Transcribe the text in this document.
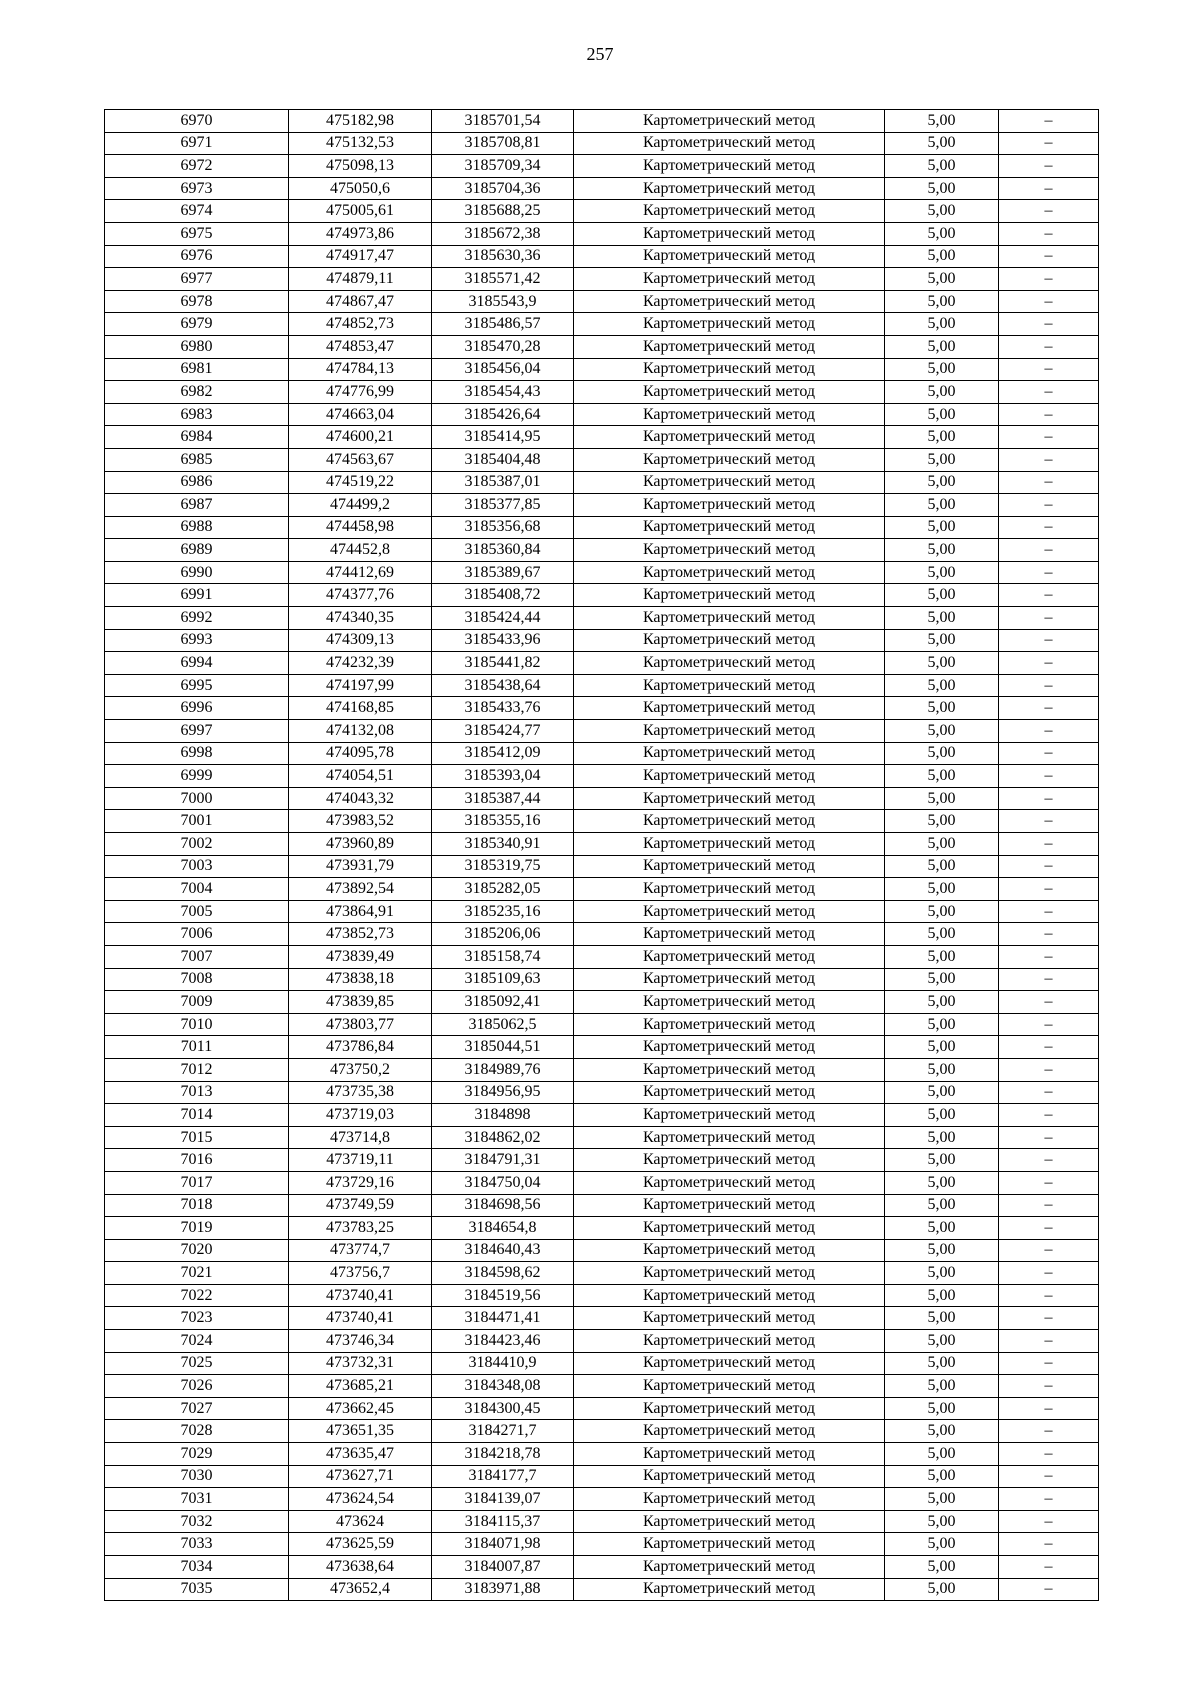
257
6970	475182,98	3185701,54	Картометрический метод	5,00	–
6971	475132,53	3185708,81	Картометрический метод	5,00	–
6972	475098,13	3185709,34	Картометрический метод	5,00	–
6973	475050,6	3185704,36	Картометрический метод	5,00	–
6974	475005,61	3185688,25	Картометрический метод	5,00	–
6975	474973,86	3185672,38	Картометрический метод	5,00	–
6976	474917,47	3185630,36	Картометрический метод	5,00	–
6977	474879,11	3185571,42	Картометрический метод	5,00	–
6978	474867,47	3185543,9	Картометрический метод	5,00	–
6979	474852,73	3185486,57	Картометрический метод	5,00	–
6980	474853,47	3185470,28	Картометрический метод	5,00	–
6981	474784,13	3185456,04	Картометрический метод	5,00	–
6982	474776,99	3185454,43	Картометрический метод	5,00	–
6983	474663,04	3185426,64	Картометрический метод	5,00	–
6984	474600,21	3185414,95	Картометрический метод	5,00	–
6985	474563,67	3185404,48	Картометрический метод	5,00	–
6986	474519,22	3185387,01	Картометрический метод	5,00	–
6987	474499,2	3185377,85	Картометрический метод	5,00	–
6988	474458,98	3185356,68	Картометрический метод	5,00	–
6989	474452,8	3185360,84	Картометрический метод	5,00	–
6990	474412,69	3185389,67	Картометрический метод	5,00	–
6991	474377,76	3185408,72	Картометрический метод	5,00	–
6992	474340,35	3185424,44	Картометрический метод	5,00	–
6993	474309,13	3185433,96	Картометрический метод	5,00	–
6994	474232,39	3185441,82	Картометрический метод	5,00	–
6995	474197,99	3185438,64	Картометрический метод	5,00	–
6996	474168,85	3185433,76	Картометрический метод	5,00	–
6997	474132,08	3185424,77	Картометрический метод	5,00	–
6998	474095,78	3185412,09	Картометрический метод	5,00	–
6999	474054,51	3185393,04	Картометрический метод	5,00	–
7000	474043,32	3185387,44	Картометрический метод	5,00	–
7001	473983,52	3185355,16	Картометрический метод	5,00	–
7002	473960,89	3185340,91	Картометрический метод	5,00	–
7003	473931,79	3185319,75	Картометрический метод	5,00	–
7004	473892,54	3185282,05	Картометрический метод	5,00	–
7005	473864,91	3185235,16	Картометрический метод	5,00	–
7006	473852,73	3185206,06	Картометрический метод	5,00	–
7007	473839,49	3185158,74	Картометрический метод	5,00	–
7008	473838,18	3185109,63	Картометрический метод	5,00	–
7009	473839,85	3185092,41	Картометрический метод	5,00	–
7010	473803,77	3185062,5	Картометрический метод	5,00	–
7011	473786,84	3185044,51	Картометрический метод	5,00	–
7012	473750,2	3184989,76	Картометрический метод	5,00	–
7013	473735,38	3184956,95	Картометрический метод	5,00	–
7014	473719,03	3184898	Картометрический метод	5,00	–
7015	473714,8	3184862,02	Картометрический метод	5,00	–
7016	473719,11	3184791,31	Картометрический метод	5,00	–
7017	473729,16	3184750,04	Картометрический метод	5,00	–
7018	473749,59	3184698,56	Картометрический метод	5,00	–
7019	473783,25	3184654,8	Картометрический метод	5,00	–
7020	473774,7	3184640,43	Картометрический метод	5,00	–
7021	473756,7	3184598,62	Картометрический метод	5,00	–
7022	473740,41	3184519,56	Картометрический метод	5,00	–
7023	473740,41	3184471,41	Картометрический метод	5,00	–
7024	473746,34	3184423,46	Картометрический метод	5,00	–
7025	473732,31	3184410,9	Картометрический метод	5,00	–
7026	473685,21	3184348,08	Картометрический метод	5,00	–
7027	473662,45	3184300,45	Картометрический метод	5,00	–
7028	473651,35	3184271,7	Картометрический метод	5,00	–
7029	473635,47	3184218,78	Картометрический метод	5,00	–
7030	473627,71	3184177,7	Картометрический метод	5,00	–
7031	473624,54	3184139,07	Картометрический метод	5,00	–
7032	473624	3184115,37	Картометрический метод	5,00	–
7033	473625,59	3184071,98	Картометрический метод	5,00	–
7034	473638,64	3184007,87	Картометрический метод	5,00	–
7035	473652,4	3183971,88	Картометрический метод	5,00	–
